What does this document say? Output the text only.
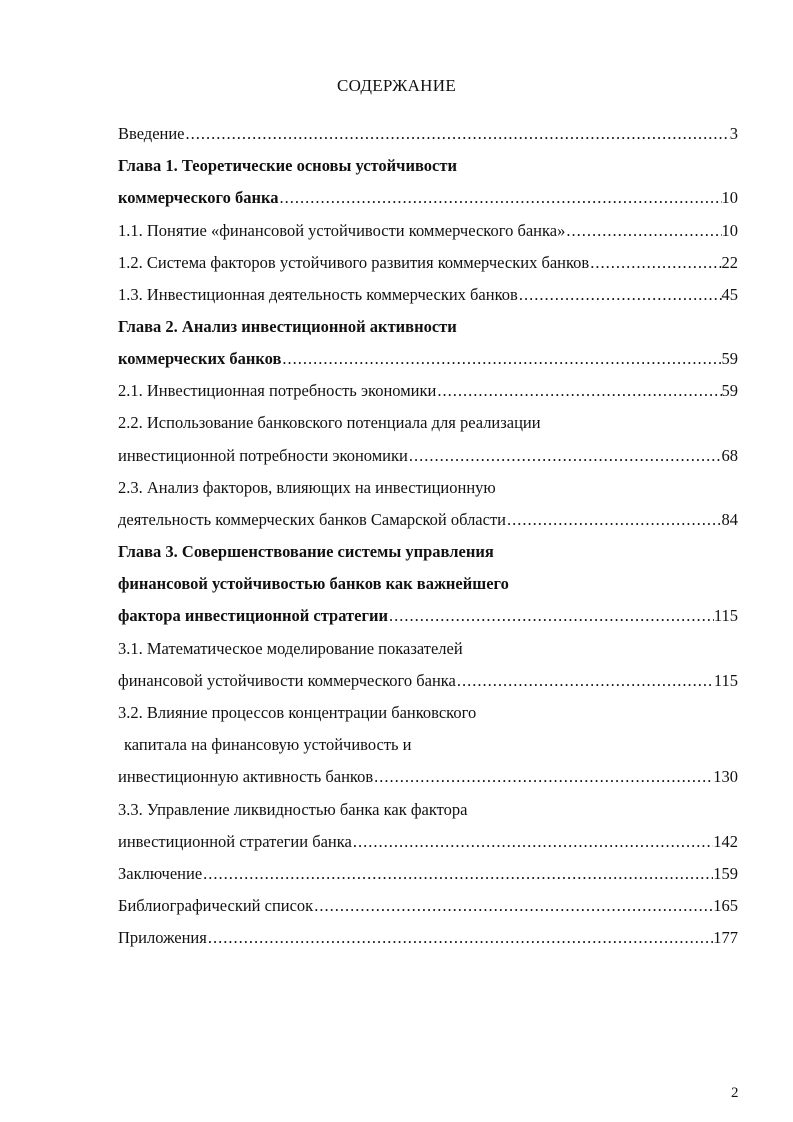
СОДЕРЖАНИЕ
Введение .....	3
Глава 1. Теоретические основы устойчивости
коммерческого банка .....	10
1.1. Понятие «финансовой устойчивости коммерческого банка» .....	10
1.2. Система факторов устойчивого развития коммерческих банков .....	22
1.3. Инвестиционная деятельность коммерческих банков .....	45
Глава 2. Анализ инвестиционной активности
коммерческих банков .....	59
2.1. Инвестиционная потребность экономики .....	59
2.2. Использование банковского потенциала для реализации
инвестиционной потребности экономики .....	68
2.3. Анализ факторов, влияющих на инвестиционную
деятельность коммерческих банков Самарской области .....	84
Глава 3. Совершенствование системы управления
финансовой устойчивостью банков как важнейшего
фактора инвестиционной стратегии .....	115
3.1. Математическое моделирование показателей
финансовой устойчивости коммерческого банка .....	115
3.2. Влияние процессов концентрации банковского
капитала на финансовую устойчивость и
инвестиционную активность банков .....	130
3.3. Управление ликвидностью банка как фактора
инвестиционной стратегии банка .....	142
Заключение .....	159
Библиографический список .....	165
Приложения .....	177
2
